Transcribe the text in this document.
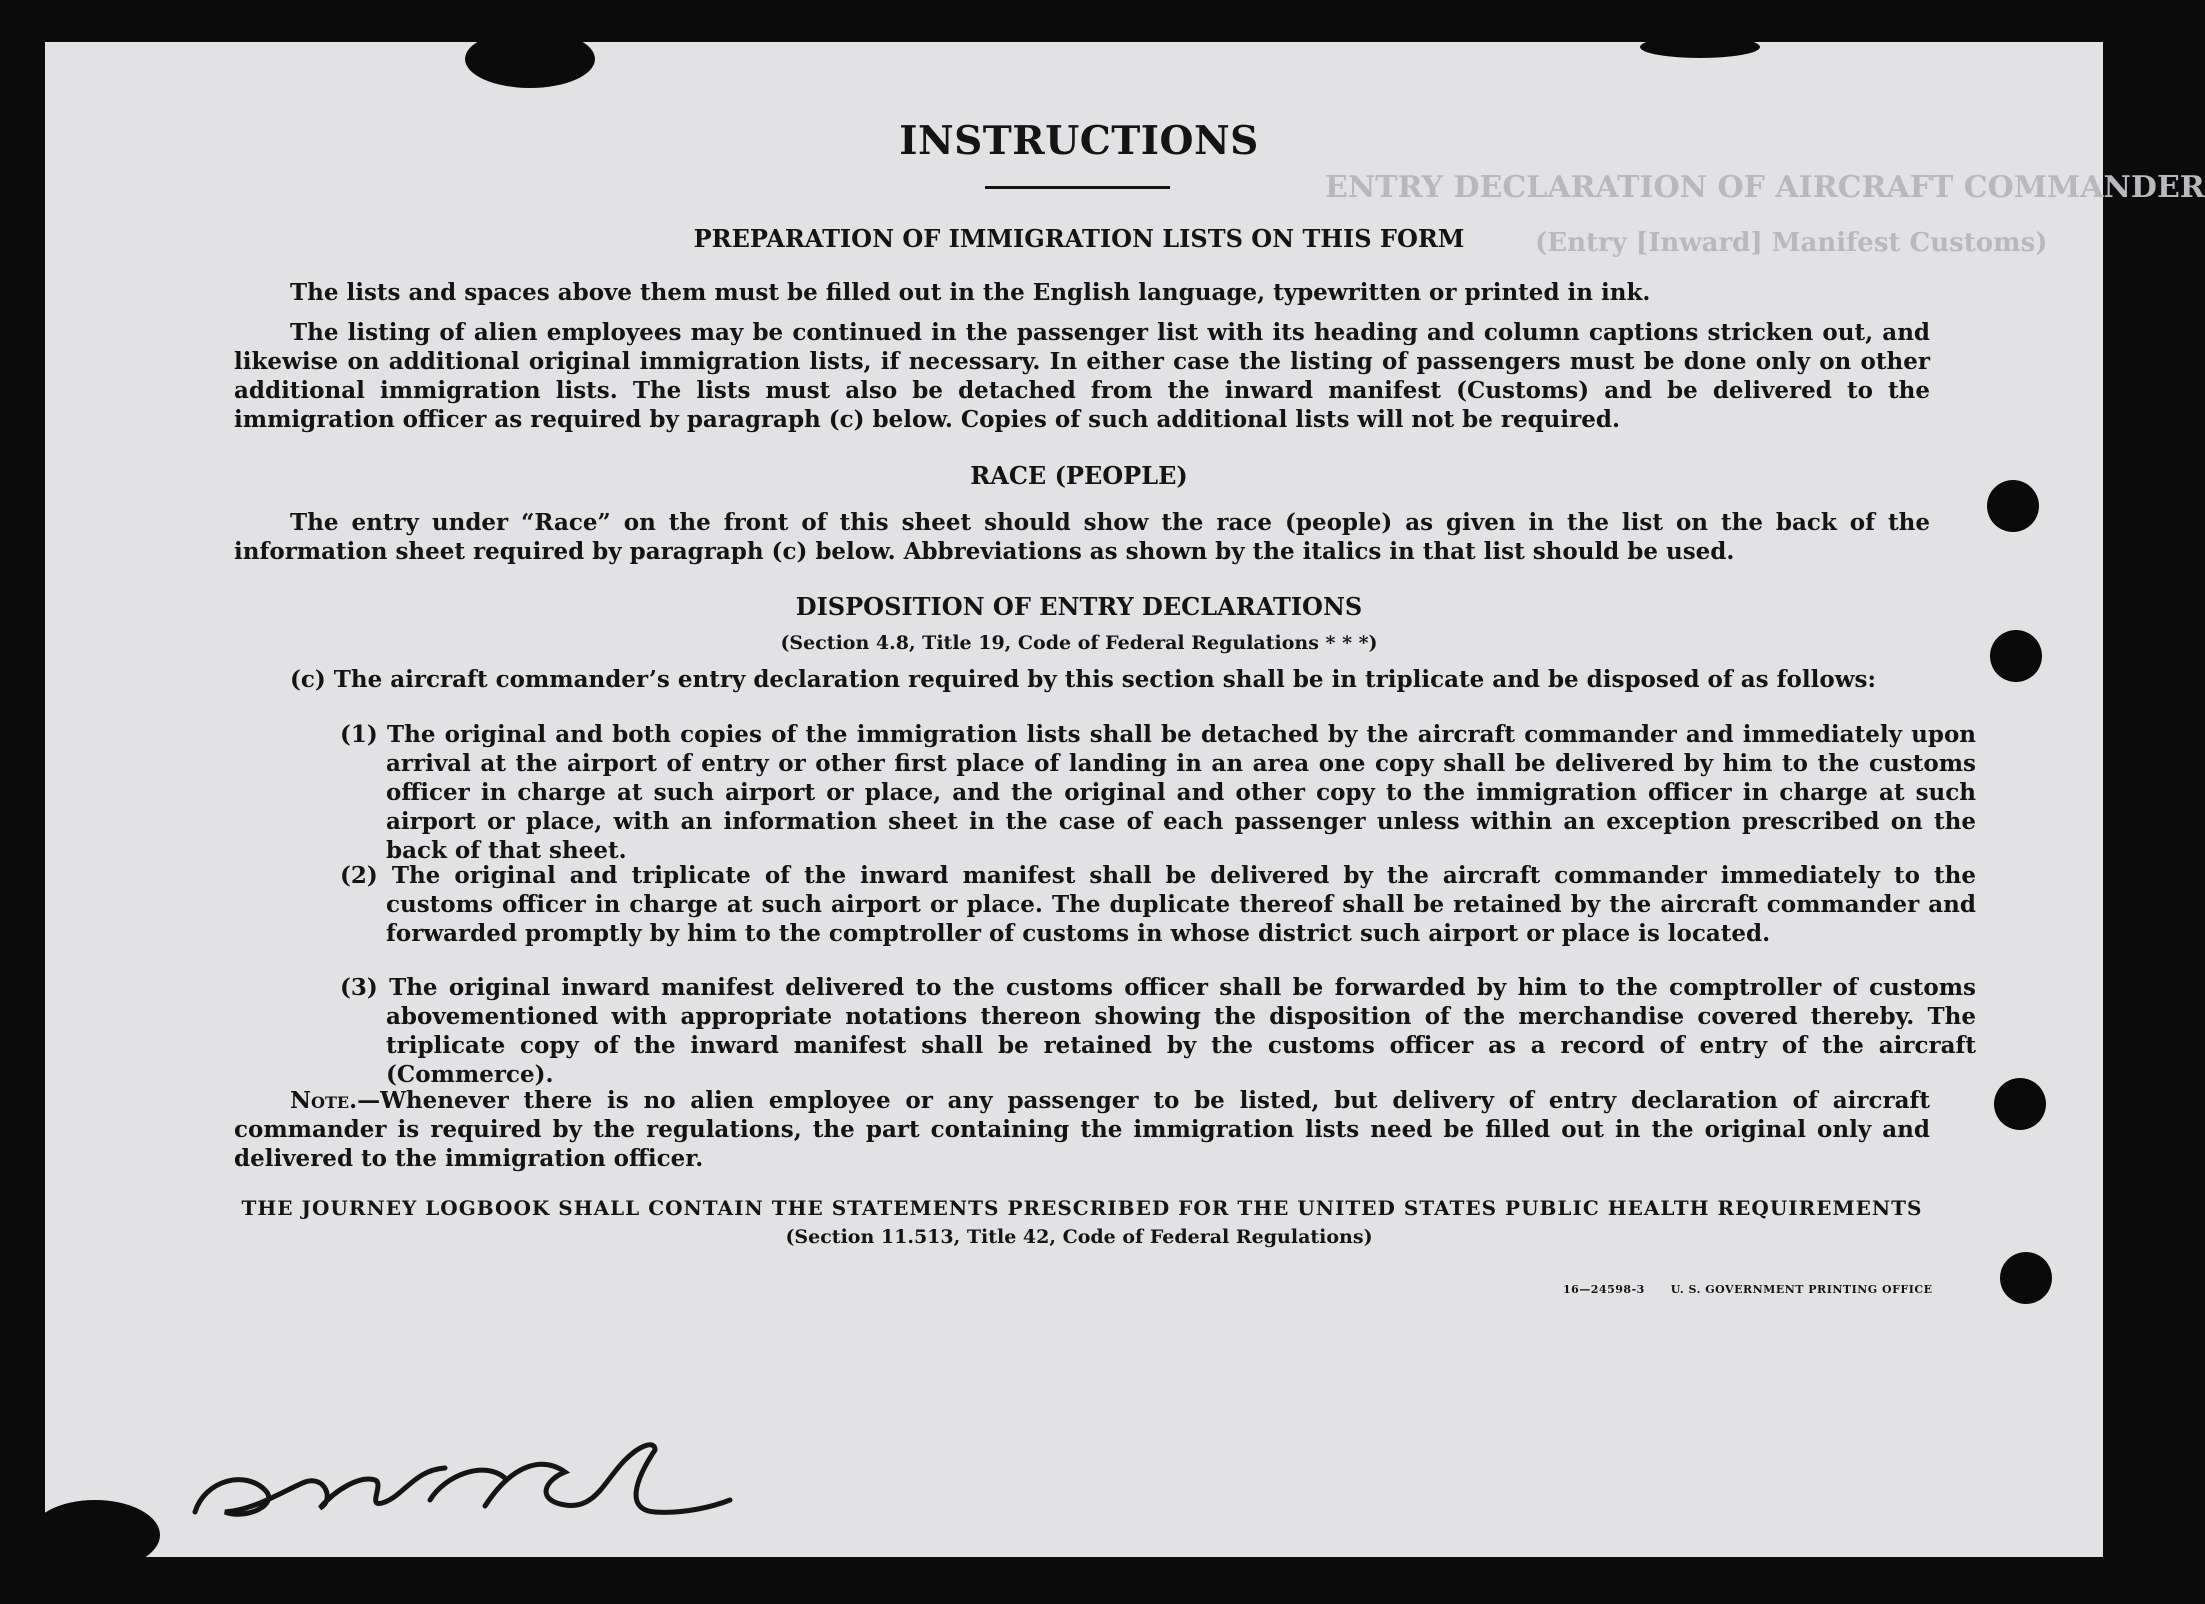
ENTRY DECLARATION OF AIRCRAFT COMMANDER
(Entry [Inward] Manifest Customs)
INSTRUCTIONS
PREPARATION OF IMMIGRATION LISTS ON THIS FORM

The lists and spaces above them must be filled out in the English language, typewritten or printed in ink.

The listing of alien employees may be continued in the passenger list with its heading and column captions stricken out, and likewise on additional original immigration lists, if necessary. In either case the listing of passengers must be done only on other additional immigration lists. The lists must also be detached from the inward manifest (Customs) and be delivered to the immigration officer as required by paragraph (c) below. Copies of such additional lists will not be required.

RACE (PEOPLE)

The entry under “Race” on the front of this sheet should show the race (people) as given in the list on the back of the information sheet required by paragraph (c) below. Abbreviations as shown by the italics in that list should be used.

DISPOSITION OF ENTRY DECLARATIONS
(Section 4.8, Title 19, Code of Federal Regulations * * *)

(c) The aircraft commander’s entry declaration required by this section shall be in triplicate and be disposed of as follows:

(1) The original and both copies of the immigration lists shall be detached by the aircraft commander and immediately upon arrival at the airport of entry or other first place of landing in an area one copy shall be delivered by him to the customs officer in charge at such airport or place, and the original and other copy to the immigration officer in charge at such airport or place, with an information sheet in the case of each passenger unless within an exception prescribed on the back of that sheet.

(2) The original and triplicate of the inward manifest shall be delivered by the aircraft commander immediately to the customs officer in charge at such airport or place. The duplicate thereof shall be retained by the aircraft commander and forwarded promptly by him to the comptroller of customs in whose district such airport or place is located.

(3) The original inward manifest delivered to the customs officer shall be forwarded by him to the comptroller of customs abovementioned with appropriate notations thereon showing the disposition of the merchandise covered thereby. The triplicate copy of the inward manifest shall be retained by the customs officer as a record of entry of the aircraft (Commerce).

Note.—Whenever there is no alien employee or any passenger to be listed, but delivery of entry declaration of aircraft commander is required by the regulations, the part containing the immigration lists need be filled out in the original only and delivered to the immigration officer.

THE JOURNEY LOGBOOK SHALL CONTAIN THE STATEMENTS PRESCRIBED FOR THE UNITED STATES PUBLIC HEALTH REQUIREMENTS
(Section 11.513, Title 42, Code of Federal Regulations)
16—24598-3 U. S. GOVERNMENT PRINTING OFFICE
